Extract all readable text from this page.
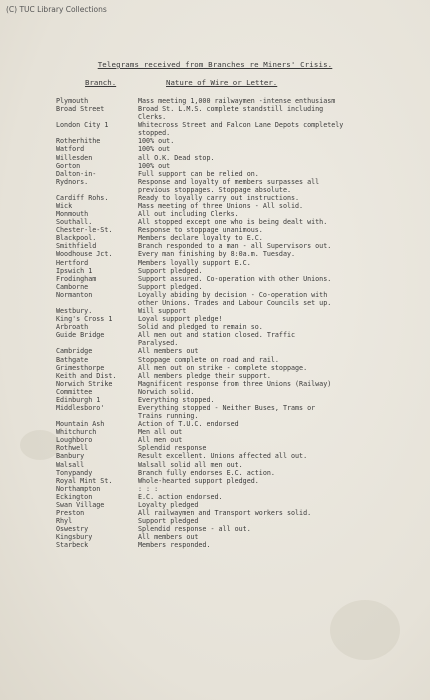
(C) TUC Library Collections
Telegrams received from Branches re Miners' Crisis.
Branch.	Nature of Wire or Letter.
Plymouth	Mass meeting 1,000 railwaymen -intense enthusiasm
Broad Street	Broad St. L.M.S. complete standstill including
Clerks.
London City 1	Whitecross Street and Falcon Lane Depots completely
stopped.
Rotherhithe	100% out.
Watford	100% out
Willesden	all O.K. Dead stop.
Gorton	100% out
Dalton-in-	Full support can be relied on.
Rydnors.	Response and loyalty of members surpasses all
previous stoppages. Stoppage absolute.
Cardiff Rohs.	Ready to loyally carry out instructions.
Wick	Mass meeting of three Unions - All solid.
Monmouth	All out including Clerks.
Southall.	All stopped except one who is being dealt with.
Chester-le-St.	Response to stoppage unanimous.
Blackpool.	Members declare loyalty to E.C.
Smithfield	Branch responded to a man - all Supervisors out.
Woodhouse Jct.	Every man finishing by 8:0a.m. Tuesday.
Hertford	Members loyally support E.C.
Ipswich 1	Support pledged.
Frodingham	Support assured. Co-operation with other Unions.
Camborne	Support pledged.
Normanton	Loyally abiding by decision - Co-operation with
other Unions. Trades and Labour Councils set up.
Westbury.	Will support
King's Cross 1	Loyal support pledge!
Arbroath	Solid and pledged to remain so.
Guide Bridge	All men out and station closed. Traffic
Paralysed.
Cambridge	All members out
Bathgate	Stoppage complete on road and rail.
Grimesthorpe	All men out on strike - complete stoppage.
Keith and Dist.	All members pledge their support.
Norwich Strike	Magnificent response from three Unions (Railway)
Committee	Norwich solid.
Edinburgh 1	Everything stopped.
Middlesboro'	Everything stopped - Neither Buses, Trams or
Trains running.
Mountain Ash	Action of T.U.C. endorsed
Whitchurch	Men all out
Loughboro	All men out
Rothwell	Splendid response
Banbury	Result excellent. Unions affected all out.
Walsall	Walsall solid all men out.
Tonypandy	Branch fully endorses E.C. action.
Royal Mint St.	Whole-hearted support pledged.
Northampton	: : :
Eckington	E.C. action endorsed.
Swan Village	Loyalty pledged
Preston	All railwaymen and Transport workers solid.
Rhyl	Support pledged
Oswestry	Splendid response - all out.
Kingsbury	All members out
Starbeck	Members responded.
